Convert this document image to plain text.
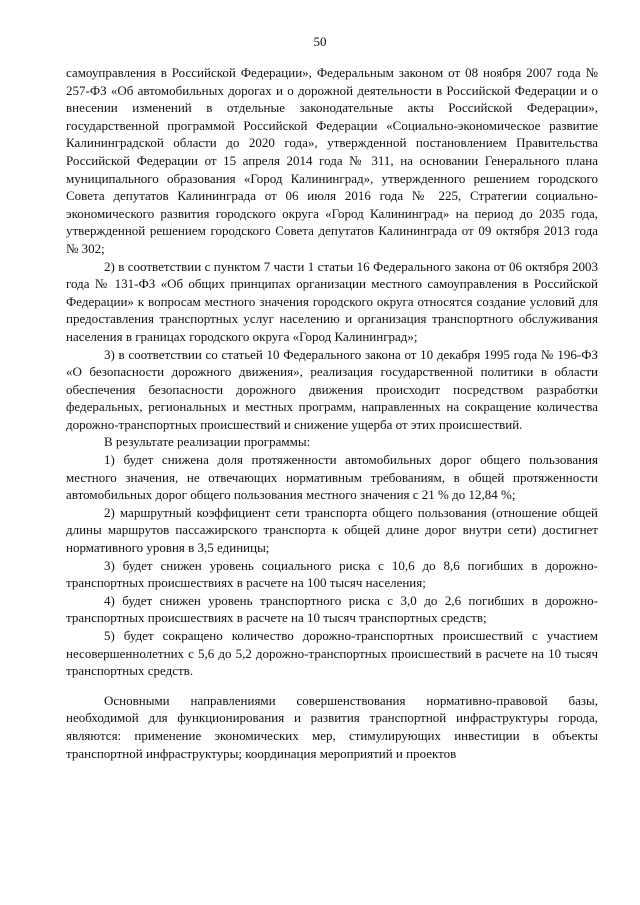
50

самоуправления в Российской Федерации», Федеральным законом от 08 ноября 2007 года № 257-ФЗ «Об автомобильных дорогах и о дорожной деятельности в Российской Федерации и о внесении изменений в отдельные законодательные акты Российской Федерации», государственной программой Российской Федерации «Социально-экономическое развитие Калининградской области до 2020 года», утвержденной постановлением Правительства Российской Федерации от 15 апреля 2014 года № 311, на основании Генерального плана муниципального образования «Город Калининград», утвержденного решением городского Совета депутатов Калининграда от 06 июля 2016 года № 225, Стратегии социально-экономического развития городского округа «Город Калининград» на период до 2035 года, утвержденной решением городского Совета депутатов Калининграда от 09 октября 2013 года № 302;

2) в соответствии с пунктом 7 части 1 статьи 16 Федерального закона от 06 октября 2003 года № 131-ФЗ «Об общих принципах организации местного самоуправления в Российской Федерации» к вопросам местного значения городского округа относятся создание условий для предоставления транспортных услуг населению и организация транспортного обслуживания населения в границах городского округа «Город Калининград»;

3) в соответствии со статьей 10 Федерального закона от 10 декабря 1995 года № 196-ФЗ «О безопасности дорожного движения», реализация государственной политики в области обеспечения безопасности дорожного движения происходит посредством разработки федеральных, региональных и местных программ, направленных на сокращение количества дорожно-транспортных происшествий и снижение ущерба от этих происшествий.

В результате реализации программы:

1) будет снижена доля протяженности автомобильных дорог общего пользования местного значения, не отвечающих нормативным требованиям, в общей протяженности автомобильных дорог общего пользования местного значения с 21 % до 12,84 %;

2) маршрутный коэффициент сети транспорта общего пользования (отношение общей длины маршрутов пассажирского транспорта к общей длине дорог внутри сети) достигнет нормативного уровня в 3,5 единицы;

3) будет снижен уровень социального риска с 10,6 до 8,6 погибших в дорожно-транспортных происшествиях в расчете на 100 тысяч населения;

4) будет снижен уровень транспортного риска с 3,0 до 2,6 погибших в дорожно-транспортных происшествиях в расчете на 10 тысяч транспортных средств;

5) будет сокращено количество дорожно-транспортных происшествий с участием несовершеннолетних с 5,6 до 5,2 дорожно-транспортных происшествий в расчете на 10 тысяч транспортных средств.

Основными направлениями совершенствования нормативно-правовой базы, необходимой для функционирования и развития транспортной инфраструктуры города, являются: применение экономических мер, стимулирующих инвестиции в объекты транспортной инфраструктуры; координация мероприятий и проектов
